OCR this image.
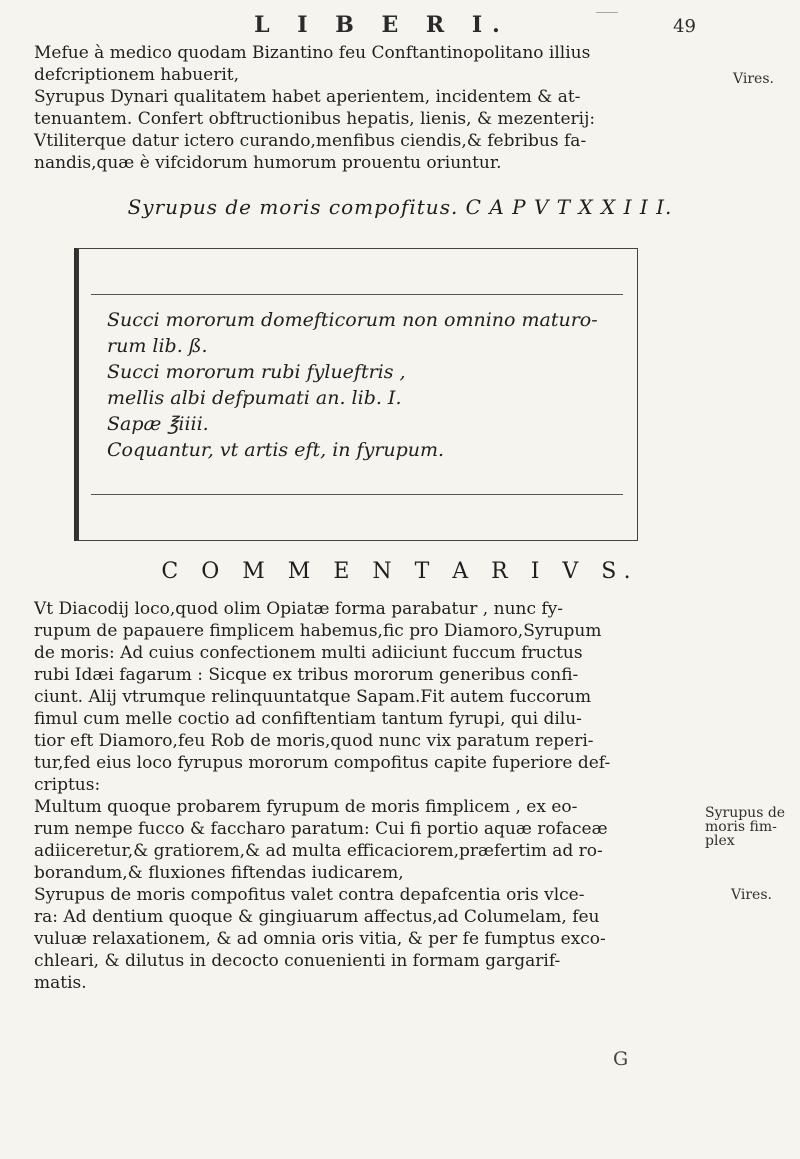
L I B E R I.	49
Mefue à medico quodam Bizantino feu Conftantinopolitano illius
defcriptionem habuerit,
Syrupus Dynari qualitatem habet aperientem, incidentem & at-
tenuantem. Confert obftructionibus hepatis, lienis, & mezenterij:
Vtiliterque datur ictero curando,menfibus ciendis,& febribus fa-
nandis,quæ è vifcidorum humorum prouentu oriuntur.
Vires.
Syrupus de moris compofitus. C A P V T X X I I I.
Succi mororum domefticorum non omnino maturo-
rum lib. ß.
Succi mororum rubi fylueftris ,
mellis albi defpumati an. lib. I.
Sapæ ℥iiii.
Coquantur, vt artis eft, in fyrupum.
C O M M E N T A R I V S.
Vt Diacodij loco,quod olim Opiatæ forma parabatur , nunc fy-
rupum de papauere fimplicem habemus,fic pro Diamoro,Syrupum
de moris: Ad cuius confectionem multi adiiciunt fuccum fructus
rubi Idæi fagarum : Sicque ex tribus mororum generibus confi-
ciunt. Alij vtrumque relinquuntatque Sapam.Fit autem fuccorum
fimul cum melle coctio ad confiftentiam tantum fyrupi, qui dilu-
tior eft Diamoro,feu Rob de moris,quod nunc vix paratum reperi-
tur,fed eius loco fyrupus mororum compofitus capite fuperiore def-
criptus:
Multum quoque probarem fyrupum de moris fimplicem , ex eo-
rum nempe fucco & faccharo paratum: Cui fi portio aquæ rofaceæ
adiiceretur,& gratiorem,& ad multa efficaciorem,præfertim ad ro-
borandum,& fluxiones fiftendas iudicarem,
Syrupus de moris compofitus valet contra depafcentia oris vlce-
ra: Ad dentium quoque & gingiuarum affectus,ad Columelam, feu
vuluæ relaxationem, & ad omnia oris vitia, & per fe fumptus exco-
chleari, & dilutus in decocto conuenienti in formam gargarif-
matis.
Syrupus de
moris fim-
plex
Vires.
G
